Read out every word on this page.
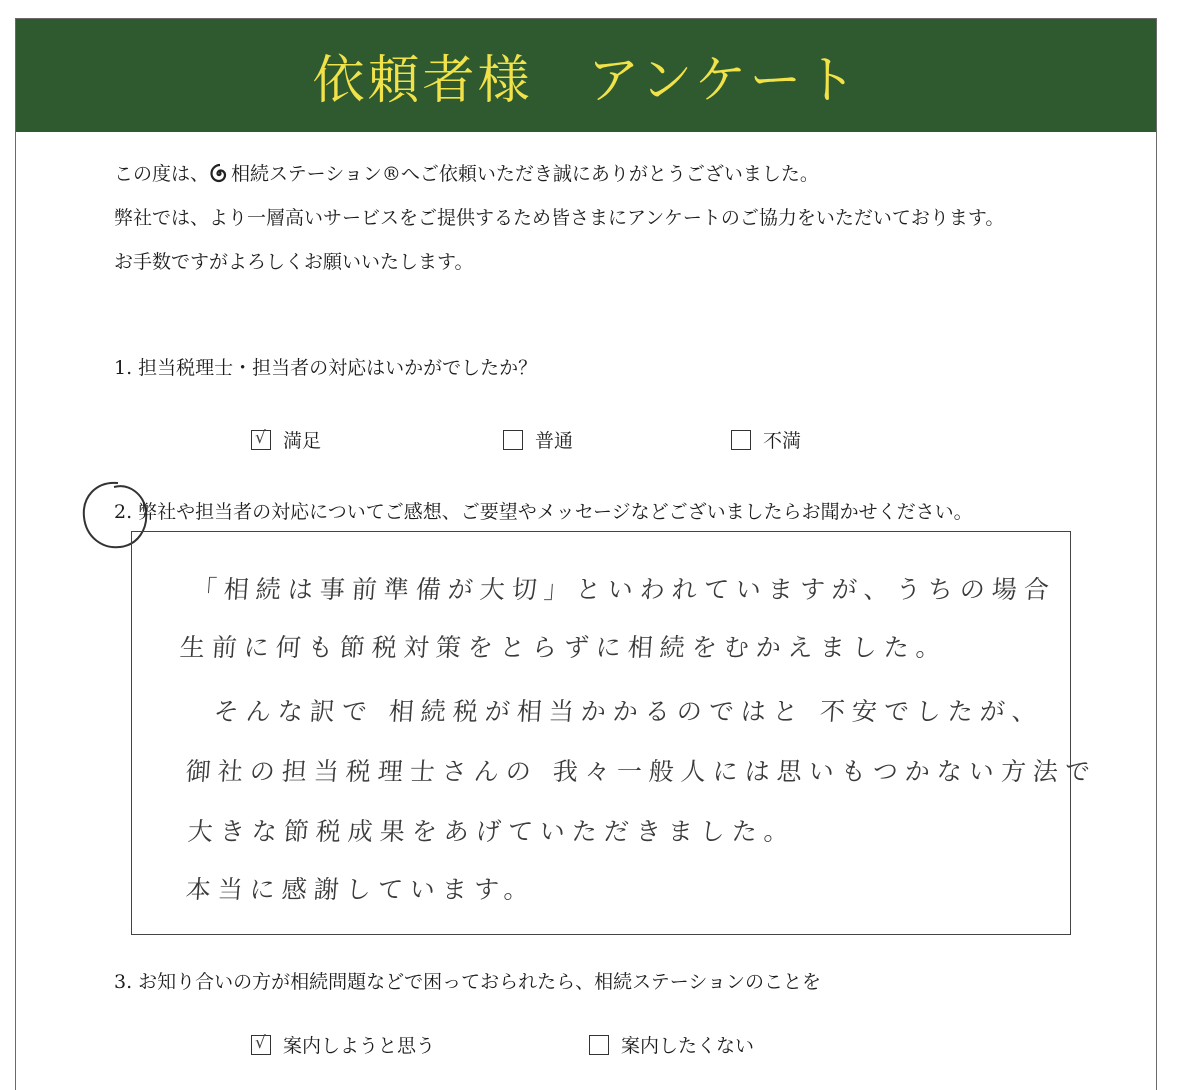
依頼者様　アンケート
この度は、 相続ステーション®へご依頼いただき誠にありがとうございました。
弊社では、より一層高いサービスをご提供するため皆さまにアンケートのご協力をいただいております。
お手数ですがよろしくお願いいたします。
1. 担当税理士・担当者の対応はいかがでしたか？
√ 満足	普通	不満
2. 弊社や担当者の対応についてご感想、ご要望やメッセージなどございましたらお聞かせください。
「相続は事前準備が大切」といわれていますが、うちの場合
生前に何も節税対策をとらずに相続をむかえました。
そんな訳で 相続税が相当かかるのではと 不安でしたが、
御社の担当税理士さんの 我々一般人には思いもつかない方法で
大きな節税成果をあげていただきました。
本当に感謝しています。
3. お知り合いの方が相続問題などで困っておられたら、相続ステーションのことを
√ 案内しようと思う	案内したくない
